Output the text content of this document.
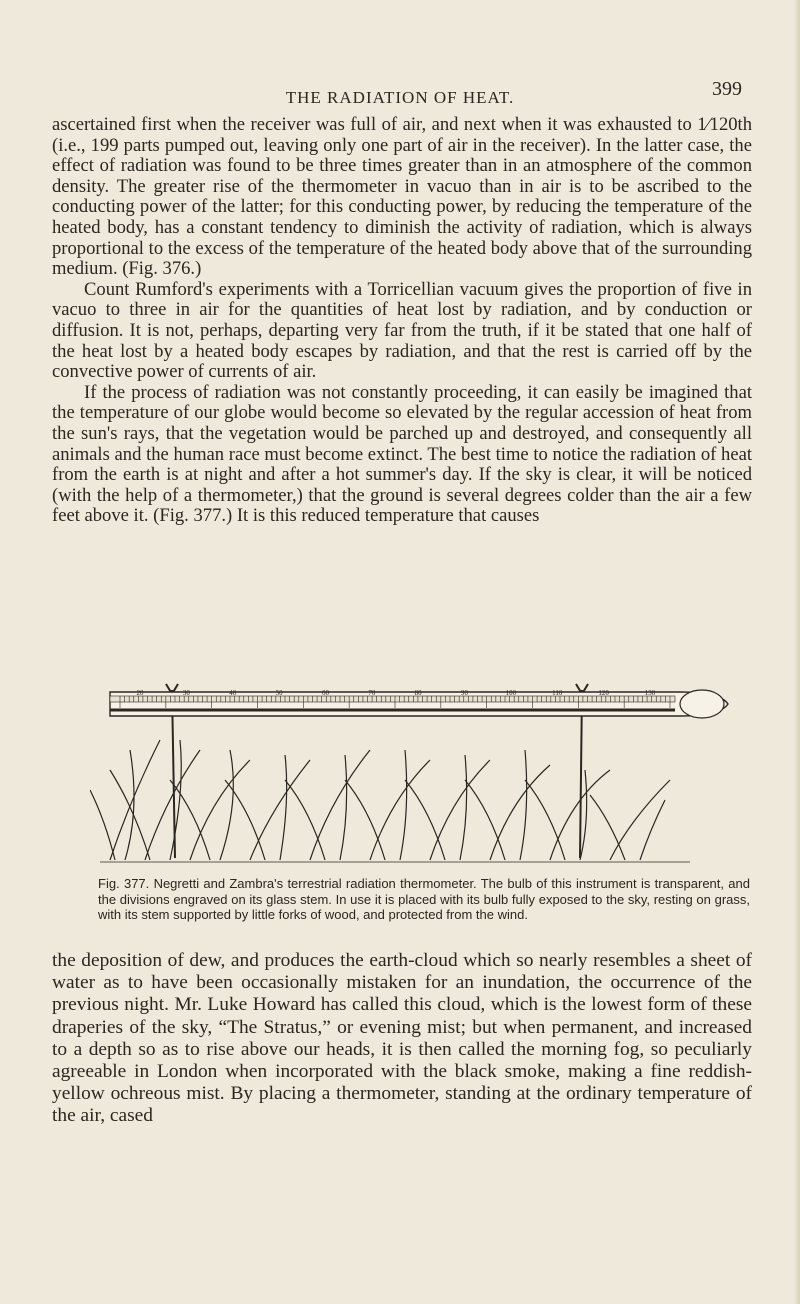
THE RADIATION OF HEAT.	399

ascertained first when the receiver was full of air, and next when it was exhausted to 1⁄120th (i.e., 199 parts pumped out, leaving only one part of air in the receiver). In the latter case, the effect of radiation was found to be three times greater than in an atmosphere of the common density. The greater rise of the thermometer in vacuo than in air is to be ascribed to the conducting power of the latter; for this conducting power, by reducing the temperature of the heated body, has a constant tendency to diminish the activity of radiation, which is always proportional to the excess of the temperature of the heated body above that of the surrounding medium. (Fig. 376.)

Count Rumford's experiments with a Torricellian vacuum gives the proportion of five in vacuo to three in air for the quantities of heat lost by radiation, and by conduction or diffusion. It is not, perhaps, departing very far from the truth, if it be stated that one half of the heat lost by a heated body escapes by radiation, and that the rest is carried off by the convective power of currents of air.

If the process of radiation was not constantly proceeding, it can easily be imagined that the temperature of our globe would become so elevated by the regular accession of heat from the sun's rays, that the vegetation would be parched up and destroyed, and consequently all animals and the human race must become extinct. The best time to notice the radiation of heat from the earth is at night and after a hot summer's day. If the sky is clear, it will be noticed (with the help of a thermometer,) that the ground is several degrees colder than the air a few feet above it. (Fig. 377.) It is this reduced temperature that causes

20	30	40	50	60	70	80	90	100	110	120	130
Fig. 377. Negretti and Zambra's terrestrial radiation thermometer. The bulb of this instrument is transparent, and the divisions engraved on its glass stem. In use it is placed with its bulb fully exposed to the sky, resting on grass, with its stem supported by little forks of wood, and protected from the wind.

the deposition of dew, and produces the earth-cloud which so nearly resembles a sheet of water as to have been occasionally mistaken for an inundation, the occurrence of the previous night. Mr. Luke Howard has called this cloud, which is the lowest form of these draperies of the sky, “The Stratus,” or evening mist; but when permanent, and increased to a depth so as to rise above our heads, it is then called the morning fog, so peculiarly agreeable in London when incorporated with the black smoke, making a fine reddish-yellow ochreous mist. By placing a thermometer, standing at the ordinary temperature of the air, cased
